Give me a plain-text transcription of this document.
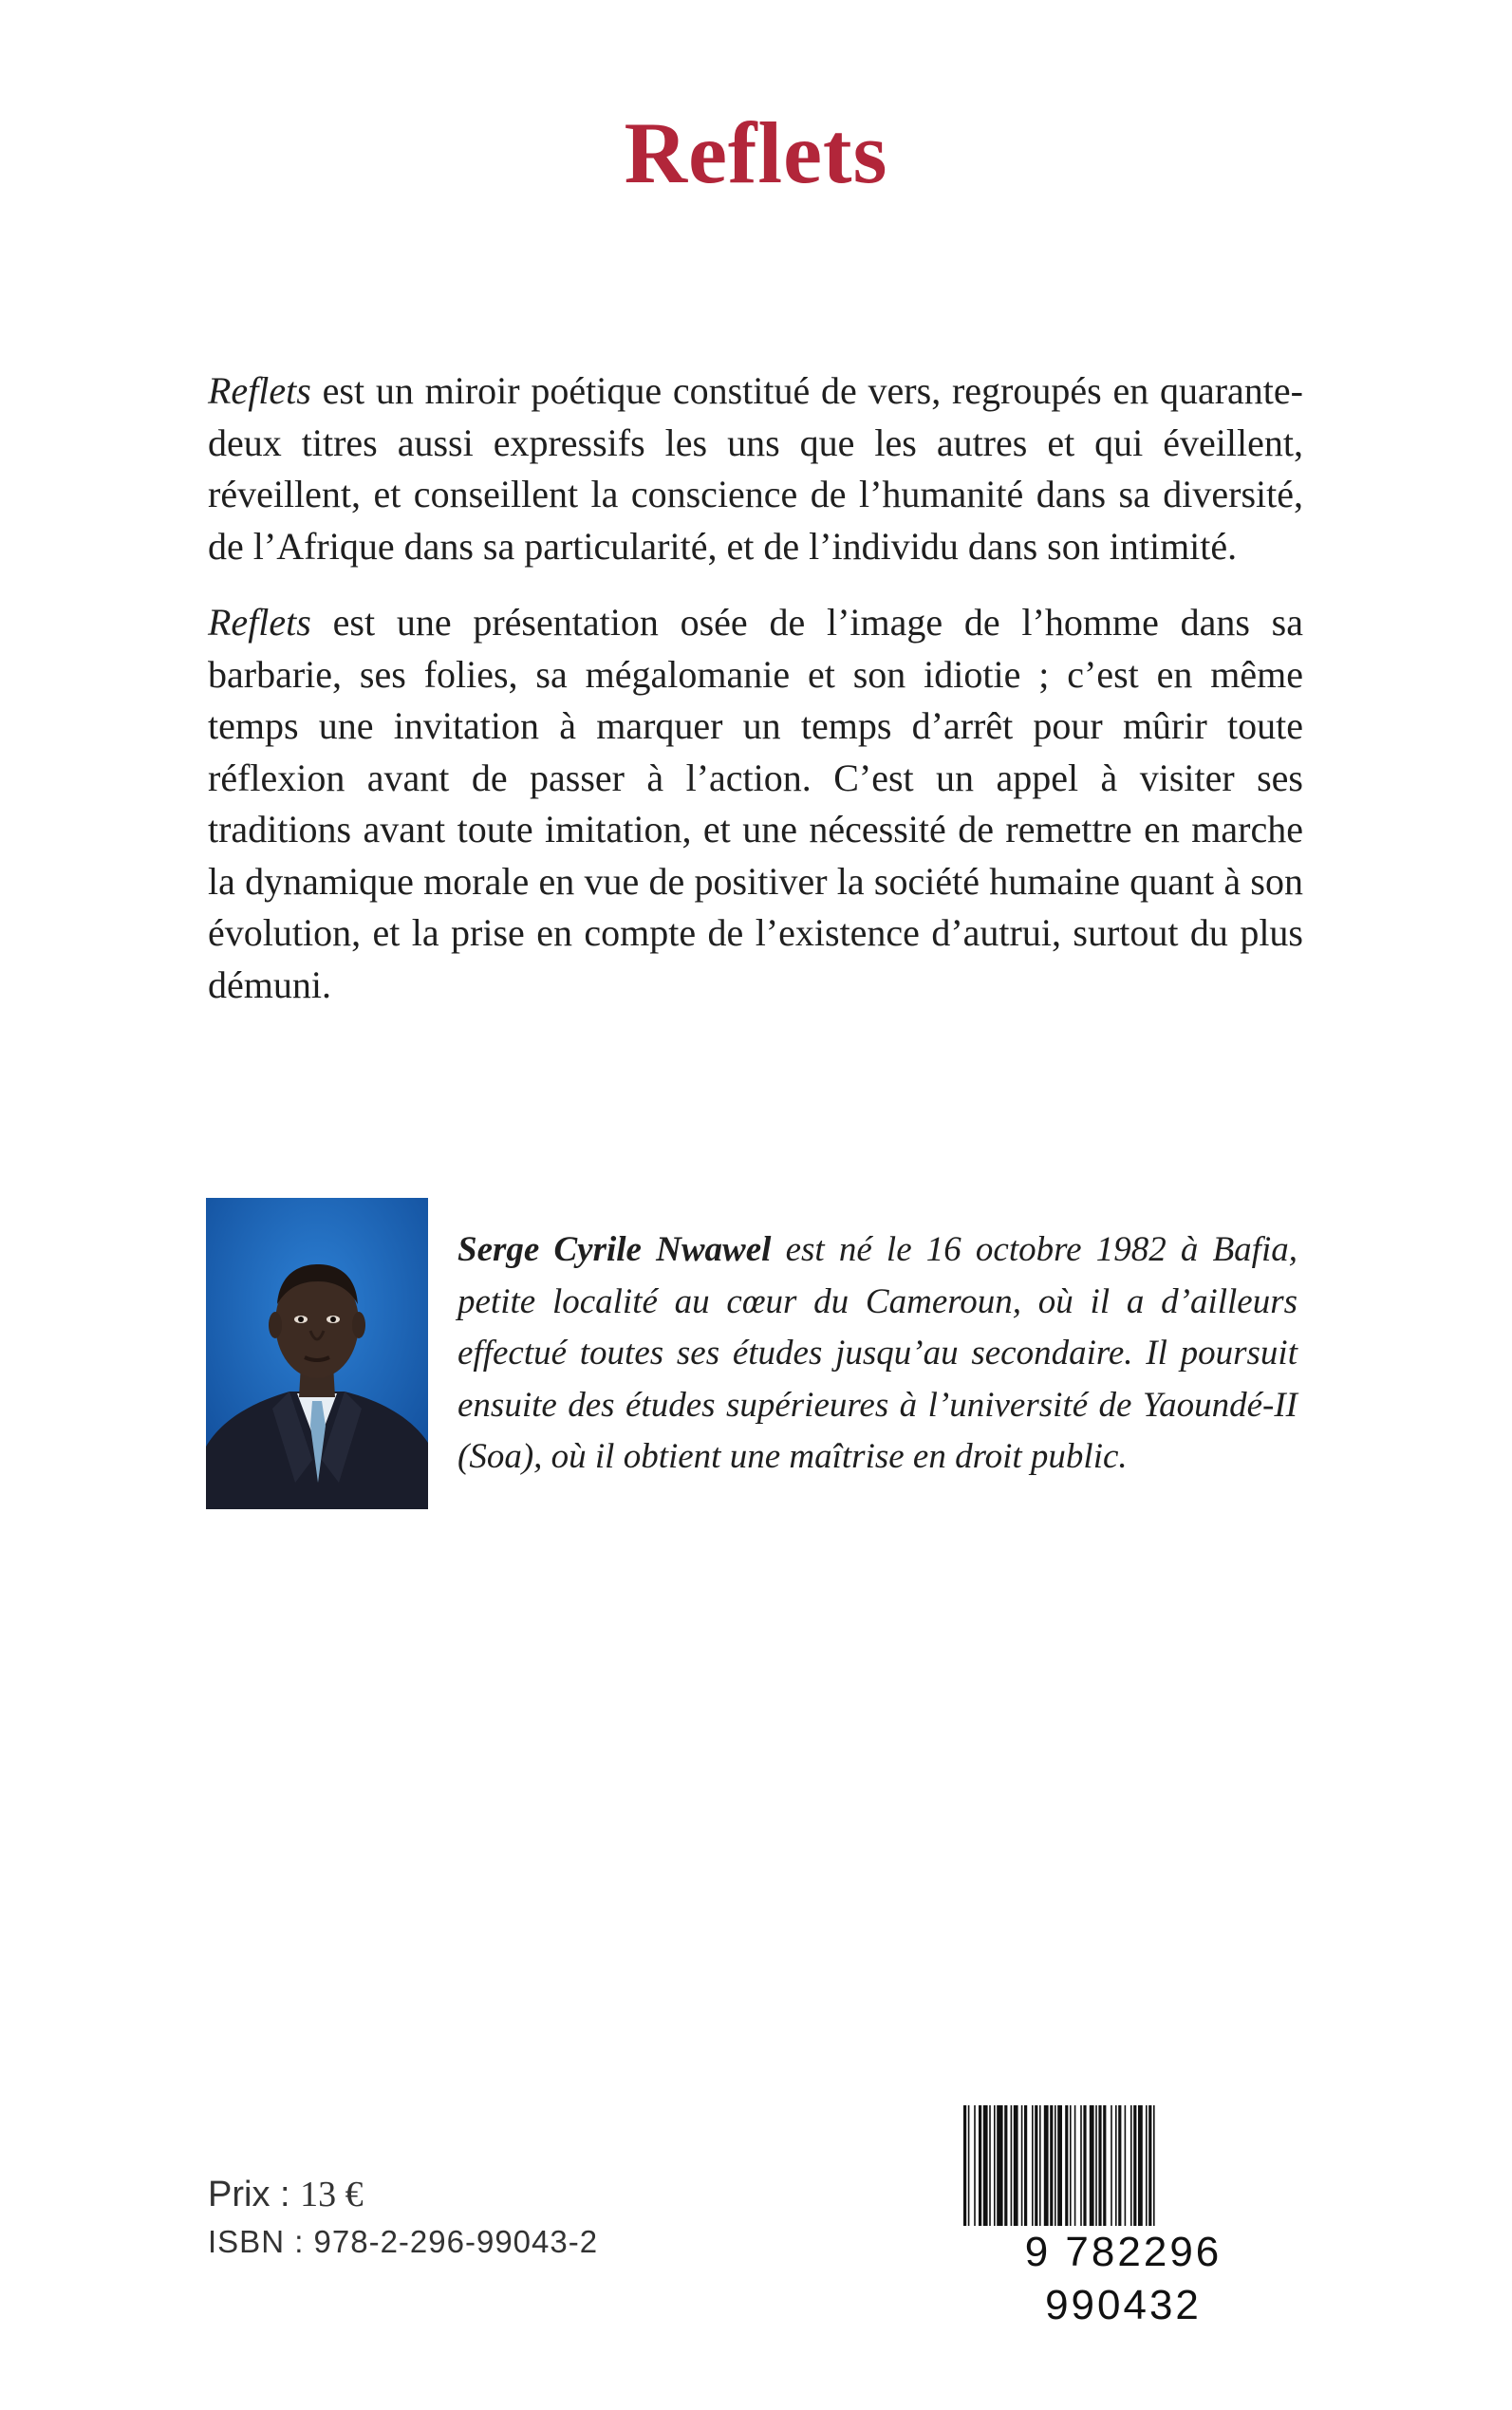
Reflets

Reflets est un miroir poétique constitué de vers, regroupés en quarante-deux titres aussi expressifs les uns que les autres et qui éveillent, réveillent, et conseillent la conscience de l’humanité dans sa diversité, de l’Afrique dans sa particularité, et de l’individu dans son intimité.

Reflets est une présentation osée de l’image de l’homme dans sa barbarie, ses folies, sa mégalomanie et son idiotie ; c’est en même temps une invitation à marquer un temps d’arrêt pour mûrir toute réflexion avant de passer à l’action. C’est un appel à visiter ses traditions avant toute imitation, et une nécessité de remettre en marche la dynamique morale en vue de positiver la société humaine quant à son évolution, et la prise en compte de l’existence d’autrui, surtout du plus démuni.

Serge Cyrile Nwawel est né le 16 octobre 1982 à Bafia, petite localité au cœur du Cameroun, où il a d’ailleurs effectué toutes ses études jusqu’au secondaire. Il poursuit ensuite des études supérieures à l’université de Yaoundé-II (Soa), où il obtient une maîtrise en droit public.

Prix : 13 €
ISBN : 978-2-296-99043-2	9 782296 990432
